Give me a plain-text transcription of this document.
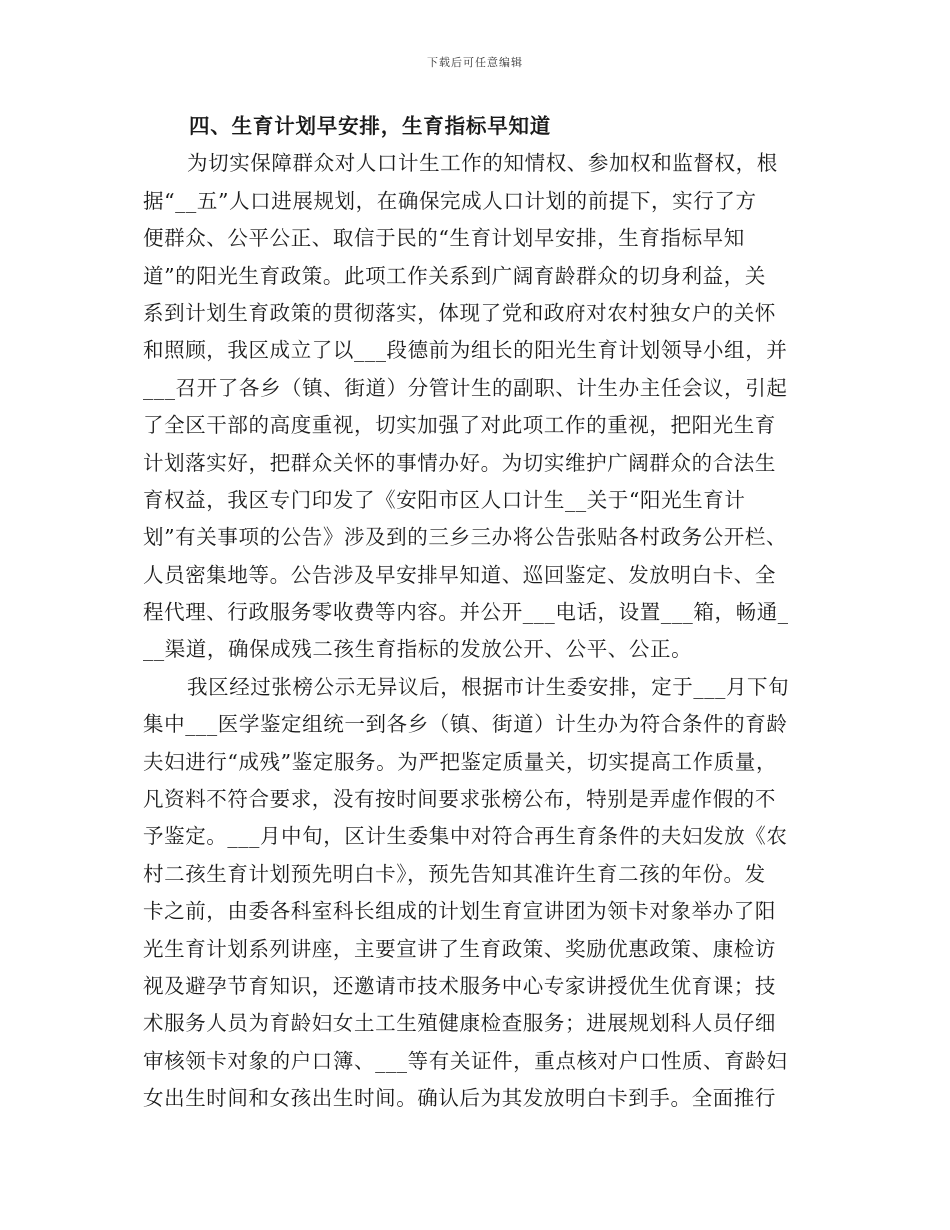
下载后可任意编辑
四、生育计划早安排，生育指标早知道
为切实保障群众对人口计生工作的知情权、参加权和监督权，根
据“__五”人口进展规划，在确保完成人口计划的前提下，实行了方
便群众、公平公正、取信于民的“生育计划早安排，生育指标早知
道”的阳光生育政策。此项工作关系到广阔育龄群众的切身利益，关
系到计划生育政策的贯彻落实，体现了党和政府对农村独女户的关怀
和照顾，我区成立了以___段德前为组长的阳光生育计划领导小组，并
___召开了各乡（镇、街道）分管计生的副职、计生办主任会议，引起
了全区干部的高度重视，切实加强了对此项工作的重视，把阳光生育
计划落实好，把群众关怀的事情办好。为切实维护广阔群众的合法生
育权益，我区专门印发了《安阳市区人口计生__关于“阳光生育计
划”有关事项的公告》涉及到的三乡三办将公告张贴各村政务公开栏、
人员密集地等。公告涉及早安排早知道、巡回鉴定、发放明白卡、全
程代理、行政服务零收费等内容。并公开___电话，设置___箱，畅通_
__渠道，确保成残二孩生育指标的发放公开、公平、公正。
我区经过张榜公示无异议后，根据市计生委安排，定于___月下旬
集中___医学鉴定组统一到各乡（镇、街道）计生办为符合条件的育龄
夫妇进行“成残”鉴定服务。为严把鉴定质量关，切实提高工作质量，
凡资料不符合要求，没有按时间要求张榜公布，特别是弄虚作假的不
予鉴定。___月中旬，区计生委集中对符合再生育条件的夫妇发放《农
村二孩生育计划预先明白卡》，预先告知其准许生育二孩的年份。发
卡之前，由委各科室科长组成的计划生育宣讲团为领卡对象举办了阳
光生育计划系列讲座，主要宣讲了生育政策、奖励优惠政策、康检访
视及避孕节育知识，还邀请市技术服务中心专家讲授优生优育课；技
术服务人员为育龄妇女土工生殖健康检查服务；进展规划科人员仔细
审核领卡对象的户口簿、___等有关证件，重点核对户口性质、育龄妇
女出生时间和女孩出生时间。确认后为其发放明白卡到手。全面推行
